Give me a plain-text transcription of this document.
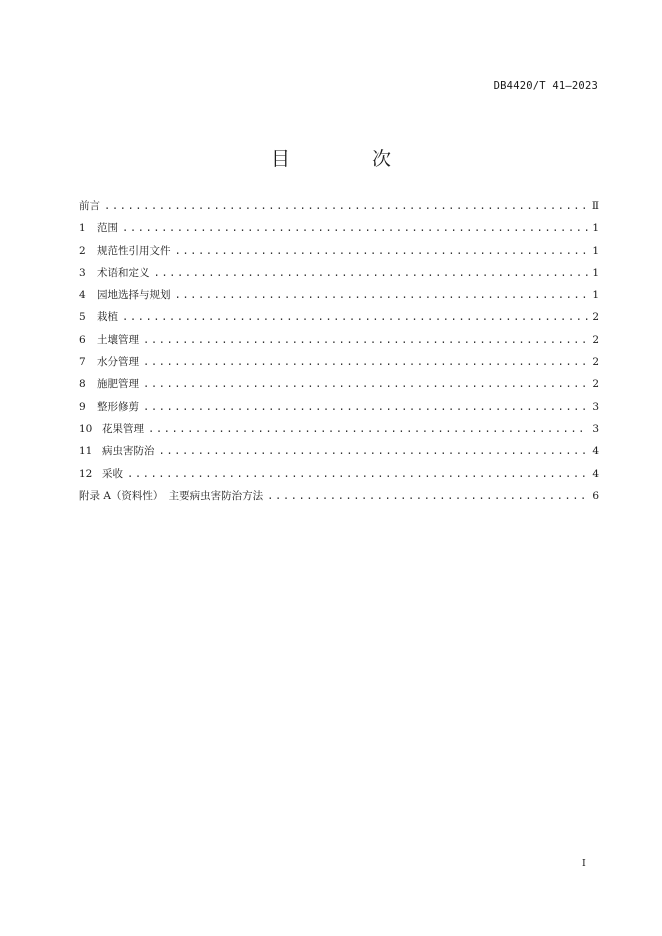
DB4420/T 41—2023
目 次
前言 .....	Ⅱ
1	范围 .....	1
2	规范性引用文件 .....	1
3	术语和定义 .....	1
4	园地选择与规划 .....	1
5	栽植 .....	2
6	土壤管理 .....	2
7	水分管理 .....	2
8	施肥管理 .....	2
9	整形修剪 .....	3
10 花果管理 .....	3
11 病虫害防治 .....	4
12 采收 .....	4
附录 A（资料性）　主要病虫害防治方法 .....	6
I
